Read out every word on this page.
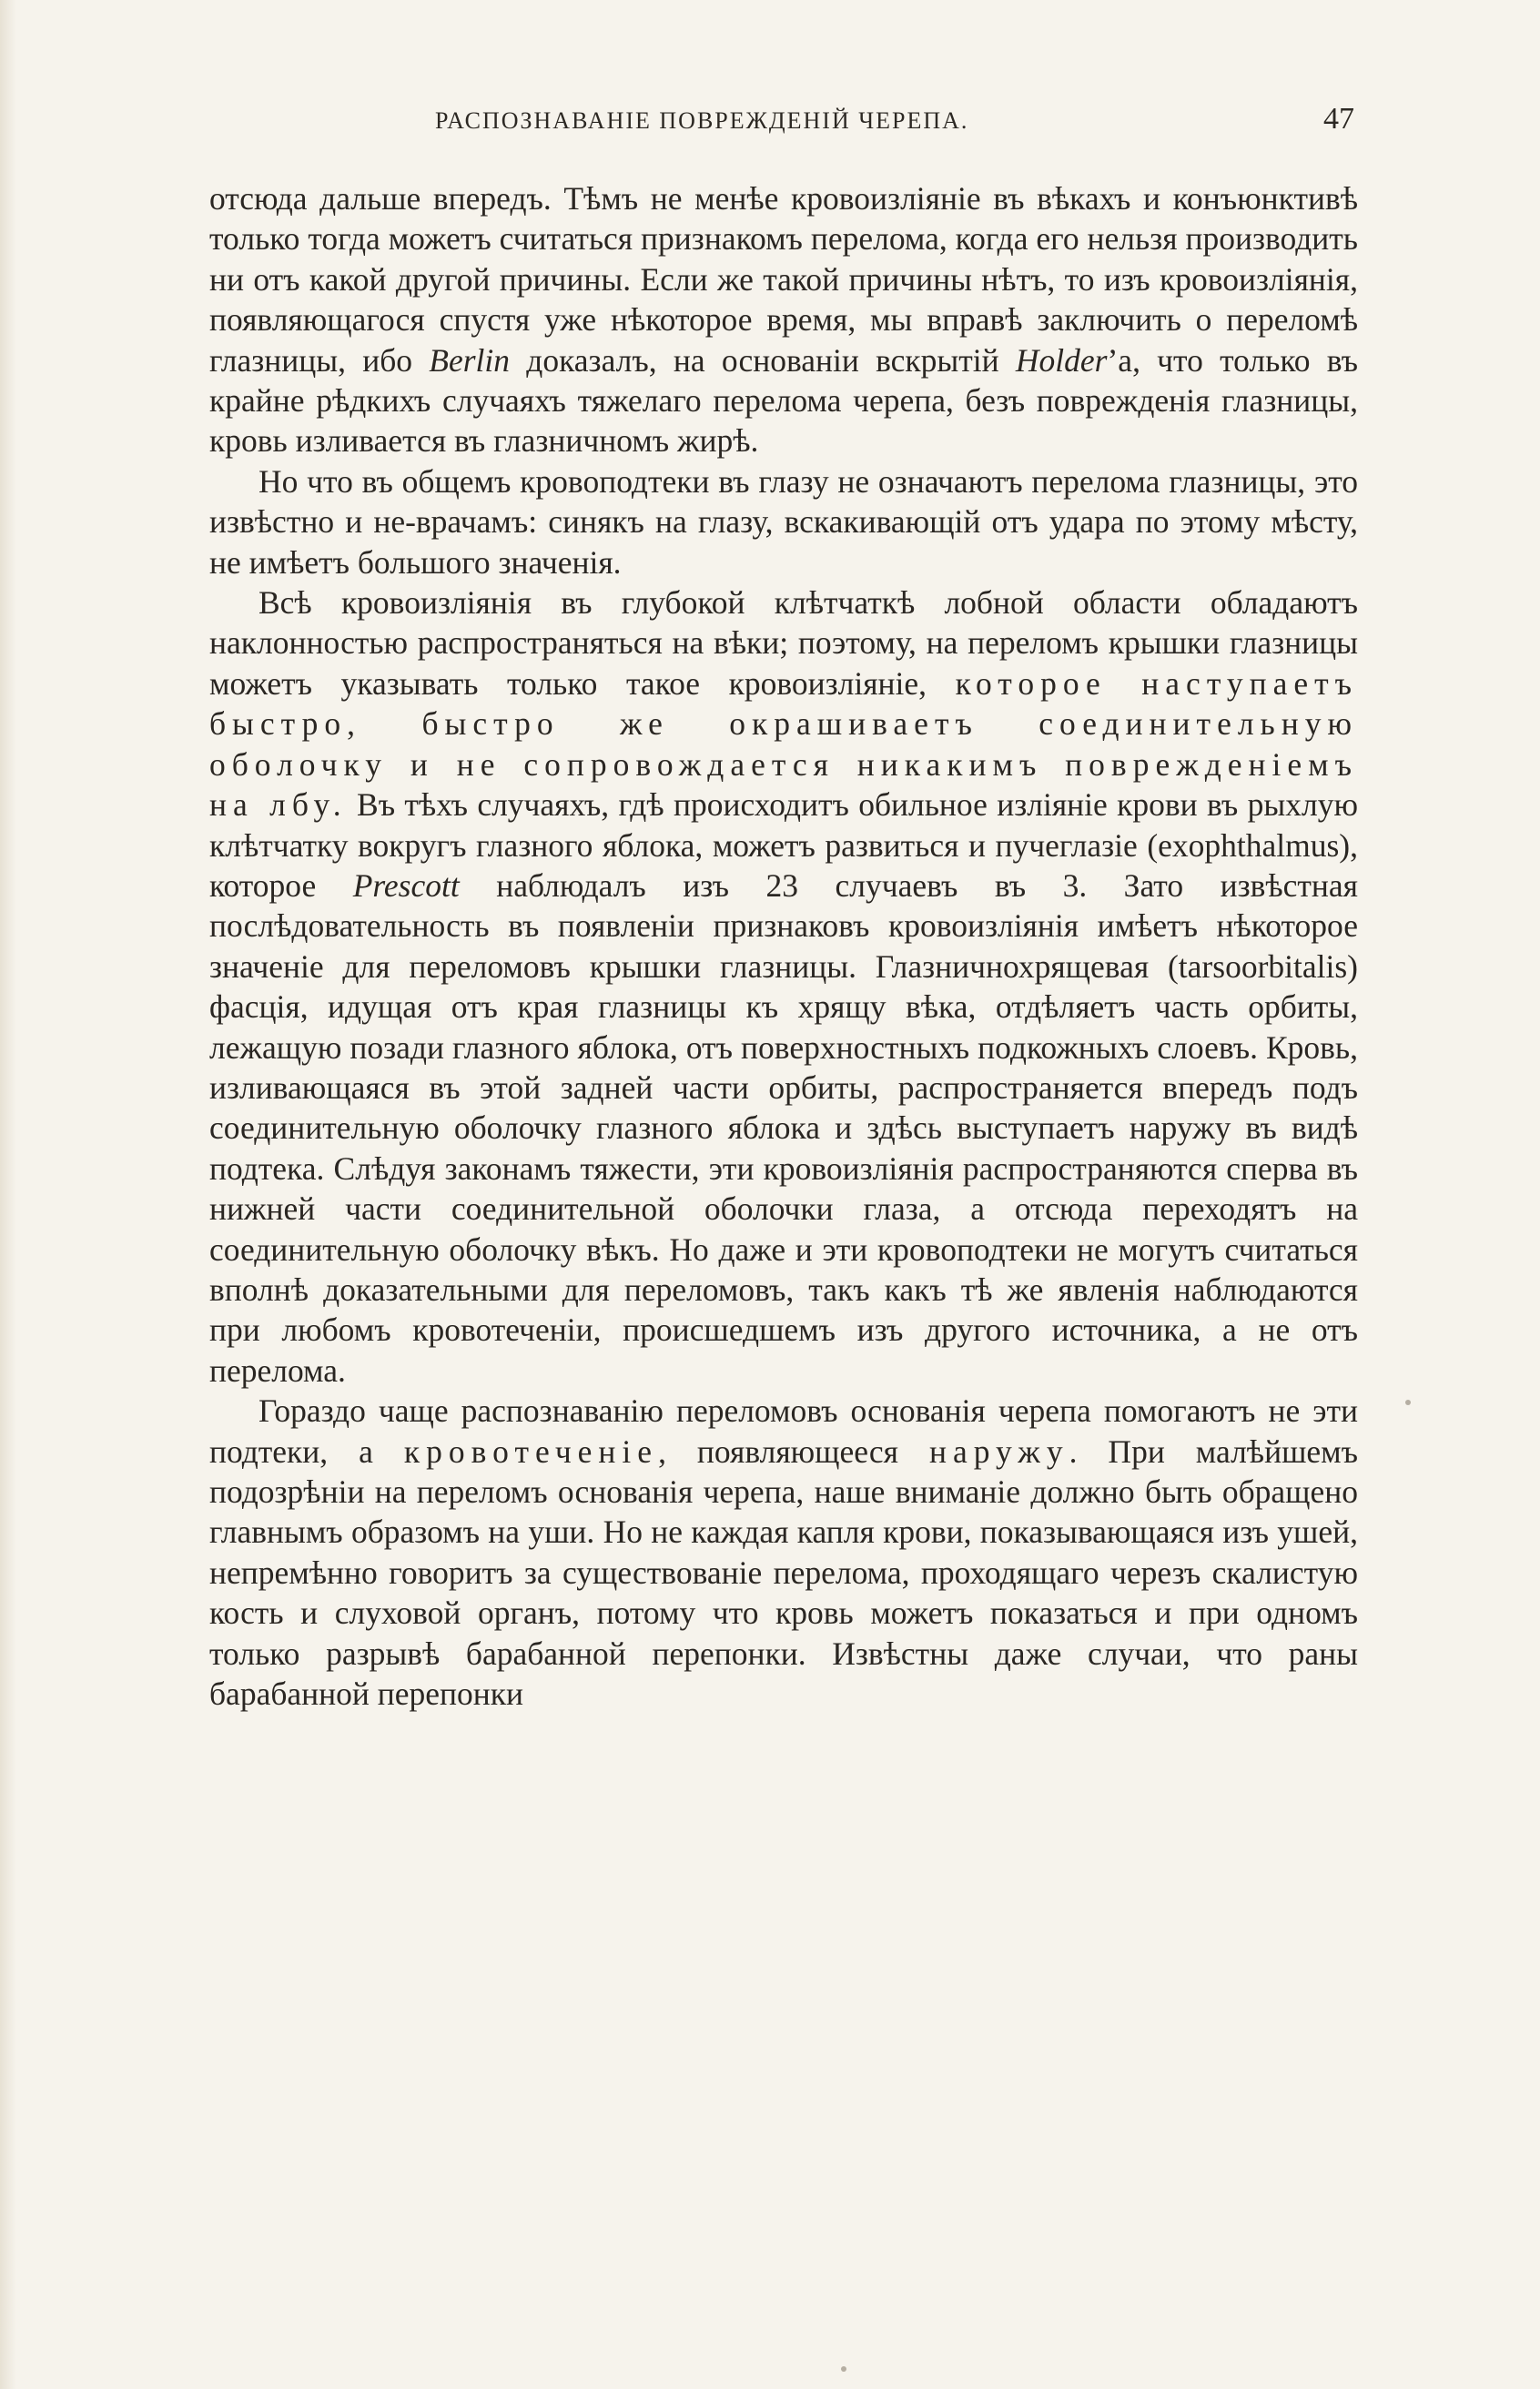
РАСПОЗНАВАНІЕ ПОВРЕЖДЕНІЙ ЧЕРЕПА.	47

отсюда дальше впередъ. Тѣмъ не менѣе кровоизліяніе въ вѣкахъ и конъюнктивѣ только тогда можетъ считаться признакомъ перелома, когда его нельзя производить ни отъ какой другой причины. Если же такой причины нѣтъ, то изъ кровоизліянія, появляющагося спустя уже нѣкоторое время, мы вправѣ заключить о переломѣ глазницы, ибо Berlin доказалъ, на основаніи вскрытій Holder’а, что только въ крайне рѣдкихъ случаяхъ тяжелаго перелома черепа, безъ поврежденія глазницы, кровь изливается въ глазничномъ жирѣ.

Но что въ общемъ кровоподтеки въ глазу не означаютъ перелома глазницы, это извѣстно и не-врачамъ: синякъ на глазу, вскакивающій отъ удара по этому мѣсту, не имѣетъ большого значенія.

Всѣ кровоизліянія въ глубокой клѣтчаткѣ лобной области обладаютъ наклонностью распространяться на вѣки; поэтому, на переломъ крышки глазницы можетъ указывать только такое кровоизліяніе, которое наступаетъ быстро, быстро же окрашиваетъ соединительную оболочку и не сопровождается никакимъ поврежденіемъ на лбу. Въ тѣхъ случаяхъ, гдѣ происходитъ обильное изліяніе крови въ рыхлую клѣтчатку вокругъ глазного яблока, можетъ развиться и пучеглазіе (exophthalmus), которое Prescott наблюдалъ изъ 23 случаевъ въ 3. Зато извѣстная послѣдовательность въ появленіи признаковъ кровоизліянія имѣетъ нѣкоторое значеніе для переломовъ крышки глазницы. Глазничнохрящевая (tarsoorbitalis) фасція, идущая отъ края глазницы къ хрящу вѣка, отдѣляетъ часть орбиты, лежащую позади глазного яблока, отъ поверхностныхъ подкожныхъ слоевъ. Кровь, изливающаяся въ этой задней части орбиты, распространяется впередъ подъ соединительную оболочку глазного яблока и здѣсь выступаетъ наружу въ видѣ подтека. Слѣдуя законамъ тяжести, эти кровоизліянія распространяются сперва въ нижней части соединительной оболочки глаза, а отсюда переходятъ на соединительную оболочку вѣкъ. Но даже и эти кровоподтеки не могутъ считаться вполнѣ доказательными для переломовъ, такъ какъ тѣ же явленія наблюдаются при любомъ кровотеченіи, происшедшемъ изъ другого источника, а не отъ перелома.

Гораздо чаще распознаванію переломовъ основанія черепа помогаютъ не эти подтеки, а кровотеченіе, появляющееся наружу. При малѣйшемъ подозрѣніи на переломъ основанія черепа, наше вниманіе должно быть обращено главнымъ образомъ на уши. Но не каждая капля крови, показывающаяся изъ ушей, непремѣнно говоритъ за существованіе перелома, проходящаго черезъ скалистую кость и слуховой органъ, потому что кровь можетъ показаться и при одномъ только разрывѣ барабанной перепонки. Извѣстны даже случаи, что раны барабанной перепонки
